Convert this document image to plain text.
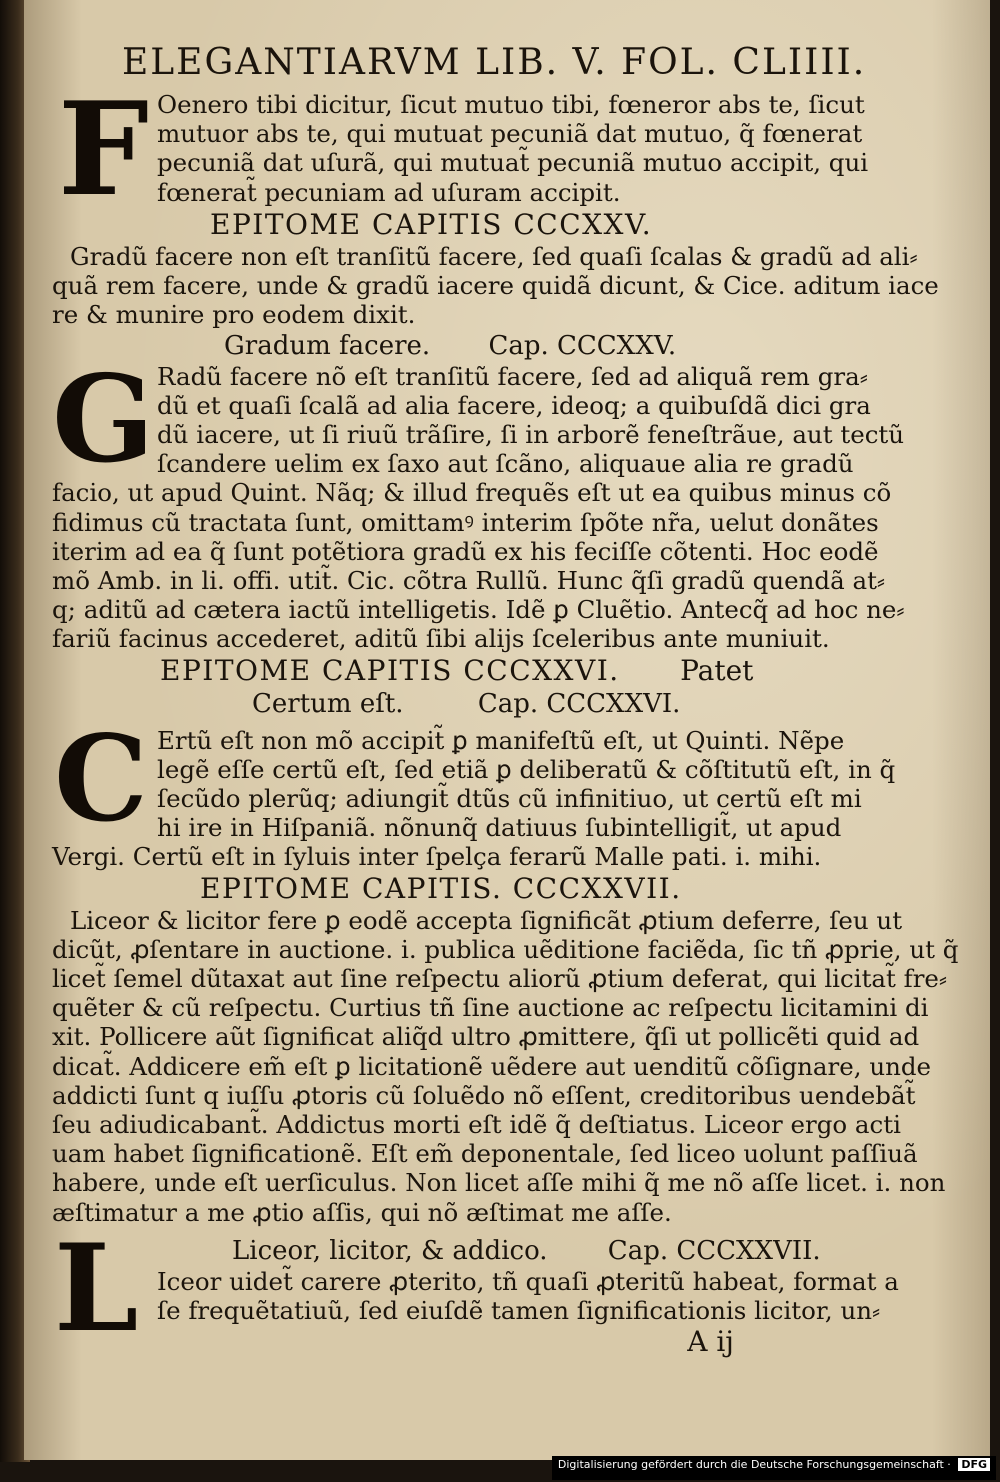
ELEGANTIARVM LIB. V. FOL. CLIIII.
F Oenero tibi dicitur, ſicut mutuo tibi, fœneror abs te, ſicut
mutuor abs te, qui mutuat pecuniã dat mutuo, q̃ fœnerat
pecuniã dat uſurã, qui mutuat̃ pecuniã mutuo accipit, qui
fœnerat̃ pecuniam ad uſuram accipit.
EPITOME CAPITIS CCCXXV.
Gradũ facere non eſt tranſitũ facere, ſed quaſi ſcalas & gradũ ad ali⸗
quã rem facere, unde & gradũ iacere quidã dicunt, & Cice. aditum iace
re & munire pro eodem dixit.
Gradum facere. Cap. CCCXXV.
G Radũ facere nõ eſt tranſitũ facere, ſed ad aliquã rem gra⸗
dũ et quaſi ſcalã ad alia facere, ideoq; a quibuſdã dici gra
dũ iacere, ut ſi riuũ trãſire, ſi in arborẽ feneſtrãue, aut tectũ
ſcandere uelim ex ſaxo aut ſcãno, aliquaue alia re gradũ
facio, ut apud Quint. Nãq; & illud frequẽs eſt ut ea quibus minus cõ
fidimus cũ tractata ſunt, omittamꝰ interim ſpõte nr̃a, uelut donãtes
iterim ad ea q̃ ſunt potẽtiora gradũ ex his feciſſe cõtenti. Hoc eodẽ
mõ Amb. in li. offi. utit̃. Cic. cõtra Rullũ. Hunc q̃ſi gradũ quendã at⸗
q; aditũ ad cætera iactũ intelligetis. Idẽ ꝑ Cluẽtio. Antecq̃ ad hoc ne⸗
fariũ facinus accederet, aditũ ſibi alijs ſceleribus ante muniuit.
EPITOME CAPITIS CCCXXVI. Patet
Certum eſt.	Cap. CCCXXVI.
C Ertũ eſt non mõ accipit̃ ꝑ manifeſtũ eſt, ut Quinti. Nẽpe
legẽ eſſe certũ eſt, ſed etiã ꝑ deliberatũ & cõſtitutũ eſt, in q̃
ſecũdo plerũq; adiungit̃ dtũs cũ infinitiuo, ut certũ eſt mi
hi ire in Hiſpaniã. nõnunq̃ datiuus ſubintelligit̃, ut apud
Vergi. Certũ eſt in ſyluis inter ſpelça ferarũ Malle pati. i. mihi.
EPITOME CAPITIS. CCCXXVII.
Liceor & licitor fere ꝑ eodẽ accepta ſignificãt ꝓtium deferre, ſeu ut
dicũt, ꝓſentare in auctione. i. publica uẽditione faciẽda, ſic tñ ꝓprie, ut q̃
licet̃ ſemel dũtaxat aut ſine reſpectu aliorũ ꝓtium deferat, qui licitat̃ fre⸗
quẽter & cũ reſpectu. Curtius tñ ſine auctione ac reſpectu licitamini di
xit. Pollicere aũt ſignificat aliq̃d ultro ꝓmittere, q̃ſi ut pollicẽti quid ad
dicat̃. Addicere em̃ eſt ꝑ licitationẽ uẽdere aut uenditũ cõſignare, unde
addicti ſunt q iuſſu ꝓtoris cũ ſoluẽdo nõ eſſent, creditoribus uendebãt̃
ſeu adiudicabant̃. Addictus morti eſt idẽ q̃ deſtiatus. Liceor ergo acti
uam habet ſignificationẽ. Eſt em̃ deponentale, ſed liceo uolunt paſſiuã
habere, unde eſt uerſiculus. Non licet aſſe mihi q̃ me nõ aſſe licet. i. non
æſtimatur a me ꝓtio aſſis, qui nõ æſtimat me aſſe.
L	Liceor, licitor, & addico. Cap. CCCXXVII.
Iceor uidet̃ carere ꝓterito, tñ quaſi ꝓteritũ habeat, format a
ſe frequẽtatiuũ, ſed eiuſdẽ tamen ſignificationis licitor, un⸗
A ij
Digitalisierung gefördert durch die Deutsche Forschungsgemeinschaft · DFG
